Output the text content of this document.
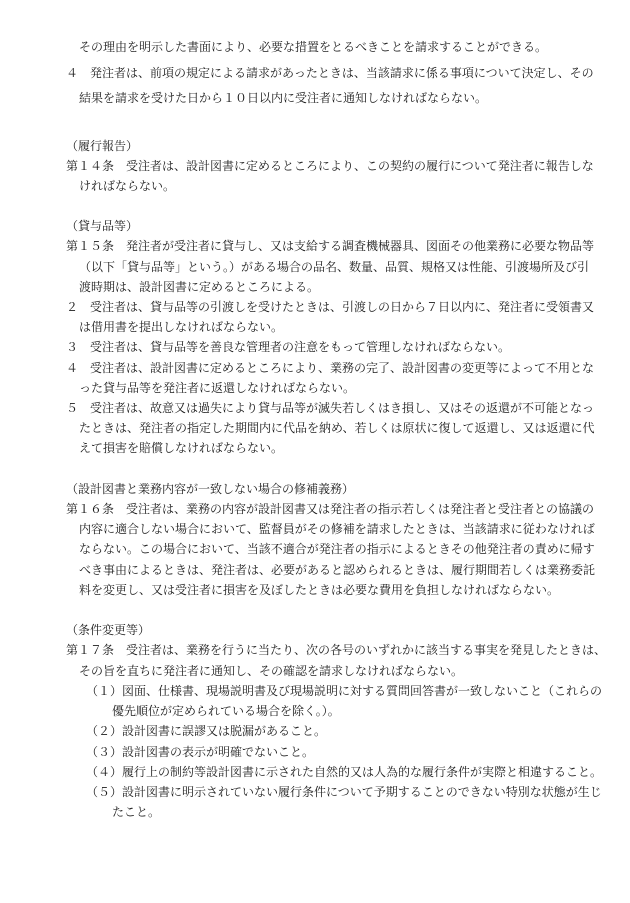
その理由を明示した書面により、必要な措置をとるべきことを請求することができる。
４　発注者は、前項の規定による請求があったときは、当該請求に係る事項について決定し、その
結果を請求を受けた日から１０日以内に受注者に通知しなければならない。
（履行報告）
第１４条　受注者は、設計図書に定めるところにより、この契約の履行について発注者に報告しな
ければならない。
（貸与品等）
第１５条　発注者が受注者に貸与し、又は支給する調査機械器具、図面その他業務に必要な物品等
（以下「貸与品等」という。）がある場合の品名、数量、品質、規格又は性能、引渡場所及び引
渡時期は、設計図書に定めるところによる。
２　受注者は、貸与品等の引渡しを受けたときは、引渡しの日から７日以内に、発注者に受領書又
は借用書を提出しなければならない。
３　受注者は、貸与品等を善良な管理者の注意をもって管理しなければならない。
４　受注者は、設計図書に定めるところにより、業務の完了、設計図書の変更等によって不用とな
った貸与品等を発注者に返還しなければならない。
５　受注者は、故意又は過失により貸与品等が滅失若しくはき損し、又はその返還が不可能となっ
たときは、発注者の指定した期間内に代品を納め、若しくは原状に復して返還し、又は返還に代
えて損害を賠償しなければならない。
（設計図書と業務内容が一致しない場合の修補義務）
第１６条　受注者は、業務の内容が設計図書又は発注者の指示若しくは発注者と受注者との協議の
内容に適合しない場合において、監督員がその修補を請求したときは、当該請求に従わなければ
ならない。この場合において、当該不適合が発注者の指示によるときその他発注者の責めに帰す
べき事由によるときは、発注者は、必要があると認められるときは、履行期間若しくは業務委託
料を変更し、又は受注者に損害を及ぼしたときは必要な費用を負担しなければならない。
（条件変更等）
第１７条　受注者は、業務を行うに当たり、次の各号のいずれかに該当する事実を発見したときは、
その旨を直ちに発注者に通知し、その確認を請求しなければならない。
（１）図面、仕様書、現場説明書及び現場説明に対する質問回答書が一致しないこと（これらの
優先順位が定められている場合を除く。）。
（２）設計図書に誤謬又は脱漏があること。
（３）設計図書の表示が明確でないこと。
（４）履行上の制約等設計図書に示された自然的又は人為的な履行条件が実際と相違すること。
（５）設計図書に明示されていない履行条件について予期することのできない特別な状態が生じ
たこと。
